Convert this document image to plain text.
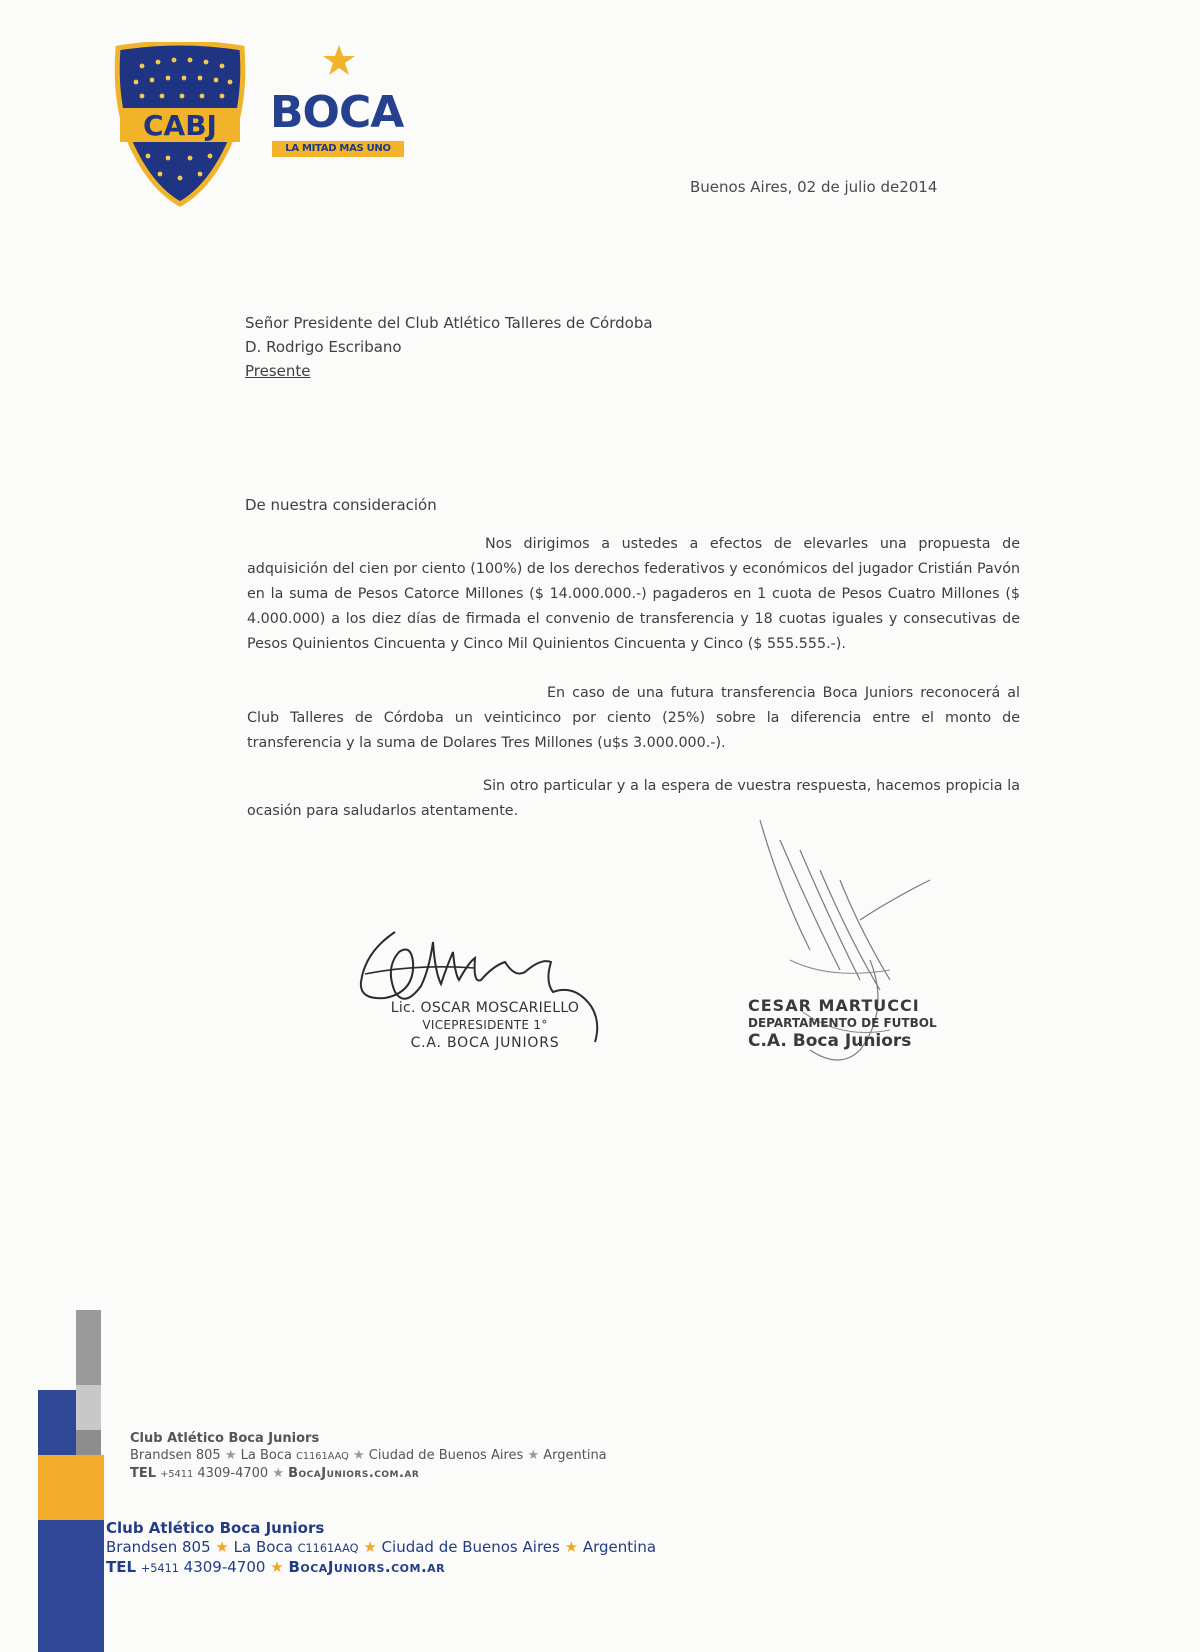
CABJ BOCA
LA MITAD MAS UNO
Buenos Aires, 02 de julio de2014
Señor Presidente del Club Atlético Talleres de Córdoba
D. Rodrigo Escribano
Presente
De nuestra consideración
Nos dirigimos a ustedes a efectos de elevarles una propuesta de adquisición del cien por ciento (100%) de los derechos federativos y económicos del jugador Cristián Pavón en la suma de Pesos Catorce Millones ($ 14.000.000.-) pagaderos en 1 cuota de Pesos Cuatro Millones ($ 4.000.000) a los diez días de firmada el convenio de transferencia y 18 cuotas iguales y consecutivas de Pesos Quinientos Cincuenta y Cinco Mil Quinientos Cincuenta y Cinco ($ 555.555.-).
En caso de una futura transferencia Boca Juniors reconocerá al Club Talleres de Córdoba un veinticinco por ciento (25%) sobre la diferencia entre el monto de transferencia y la suma de Dolares Tres Millones (u$s 3.000.000.-).
Sin otro particular y a la espera de vuestra respuesta, hacemos propicia la ocasión para saludarlos atentamente.
Lic. OSCAR MOSCARIELLO
VICEPRESIDENTE 1°
C.A. BOCA JUNIORS
CESAR MARTUCCI
DEPARTAMENTO DE FUTBOL
C.A. Boca Juniors
Club Atlético Boca Juniors
Brandsen 805 ★ La Boca C1161AAQ ★ Ciudad de Buenos Aires ★ Argentina
TEL +5411 4309-4700 ★ BocaJuniors.com.ar
Club Atlético Boca Juniors
Brandsen 805 ★ La Boca C1161AAQ ★ Ciudad de Buenos Aires ★ Argentina
TEL +5411 4309-4700 ★ BocaJuniors.com.ar
